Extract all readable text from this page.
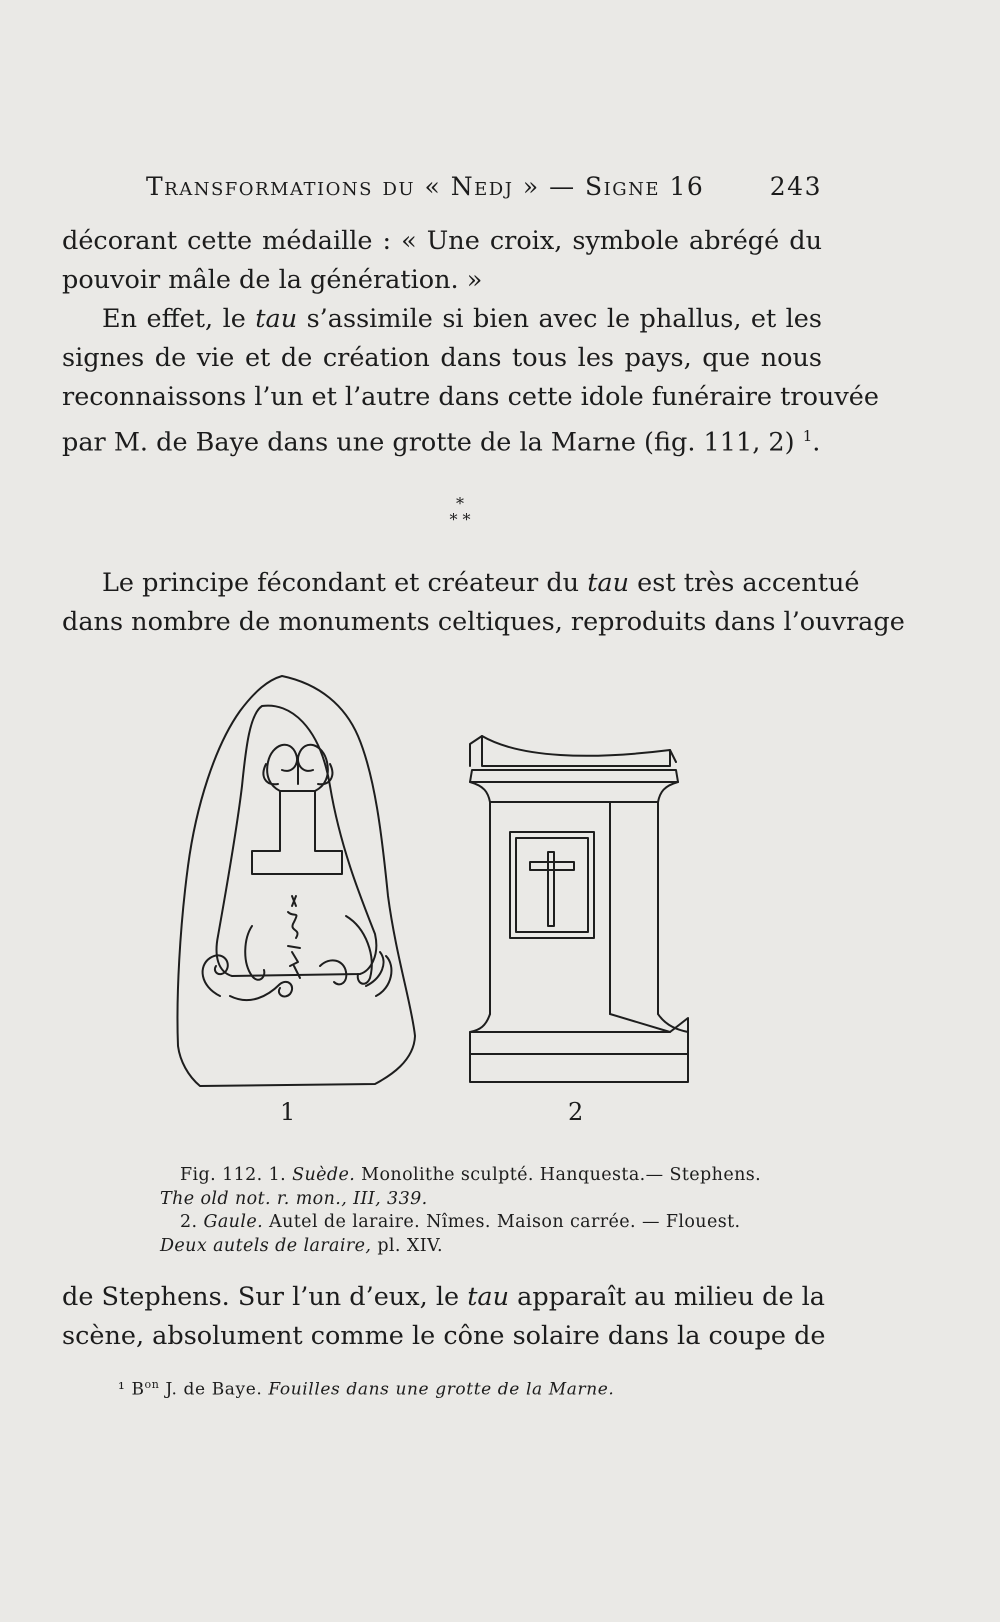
Transformations du « Nedj » — Signe 16	243
décorant cette médaille : « Une croix, symbole abrégé du
pouvoir mâle de la génération. »
En effet, le tau s’assimile si bien avec le phallus, et les
signes de vie et de création dans tous les pays, que nous
reconnaissons l’un et l’autre dans cette idole funéraire trouvée
par M. de Baye dans une grotte de la Marne (fig. 111, 2) $^1$.
*
* *
Le principe fécondant et créateur du tau est très accentué
dans nombre de monuments celtiques, reproduits dans l’ouvrage
1	2
Fig. 112. 1. Suède. Monolithe sculpté. Hanquesta.— Stephens.
The old not. r. mon., III, 339.
2. Gaule. Autel de laraire. Nîmes. Maison carrée. — Flouest.
Deux autels de laraire, pl. XIV.
de Stephens. Sur l’un d’eux, le tau apparaît au milieu de la
scène, absolument comme le cône solaire dans la coupe de
¹ $B^{on}$ J. de Baye. Fouilles dans une grotte de la Marne.
